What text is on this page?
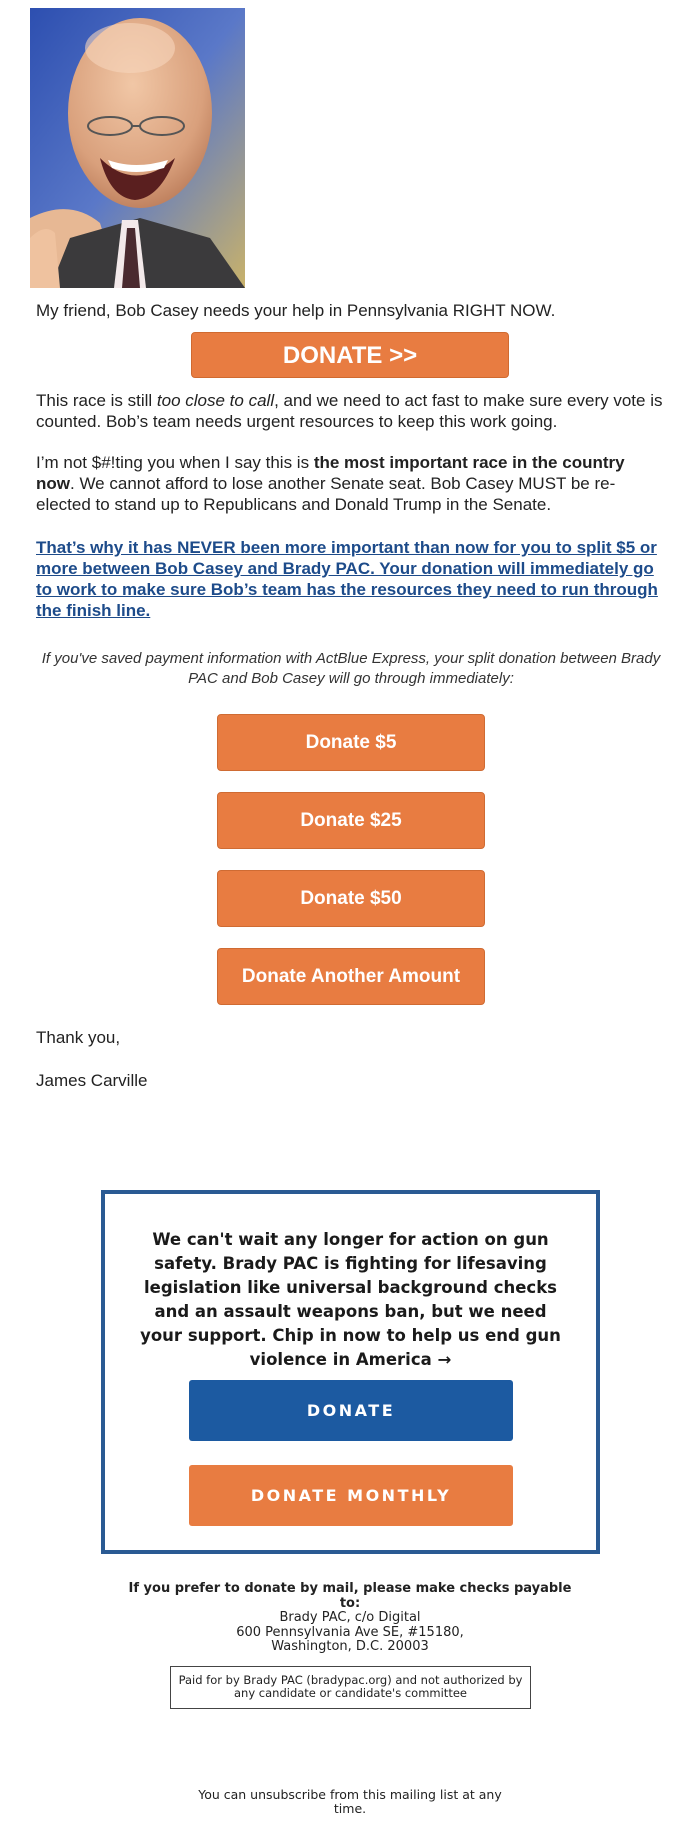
My friend, Bob Casey needs your help in Pennsylvania RIGHT NOW.
DONATE >>
This race is still too close to call, and we need to act fast to make sure every vote is counted. Bob’s team needs urgent resources to keep this work going.
I’m not $#!ting you when I say this is the most important race in the country now. We cannot afford to lose another Senate seat. Bob Casey MUST be re-elected to stand up to Republicans and Donald Trump in the Senate.
That’s why it has NEVER been more important than now for you to split $5 or more between Bob Casey and Brady PAC. Your donation will immediately go to work to make sure Bob’s team has the resources they need to run through the finish line.
If you've saved payment information with ActBlue Express, your split donation between Brady PAC and Bob Casey will go through immediately:
Donate $5
Donate $25
Donate $50
Donate Another Amount
Thank you,
James Carville
We can't wait any longer for action on gun safety. Brady PAC is fighting for lifesaving legislation like universal background checks and an assault weapons ban, but we need your support. Chip in now to help us end gun violence in America →
DONATE
DONATE MONTHLY
If you prefer to donate by mail, please make checks payable to:
Brady PAC, c/o Digital
600 Pennsylvania Ave SE, #15180,
Washington, D.C. 20003
Paid for by Brady PAC (bradypac.org) and not authorized by any candidate or candidate's committee
You can unsubscribe from this mailing list at any time.
